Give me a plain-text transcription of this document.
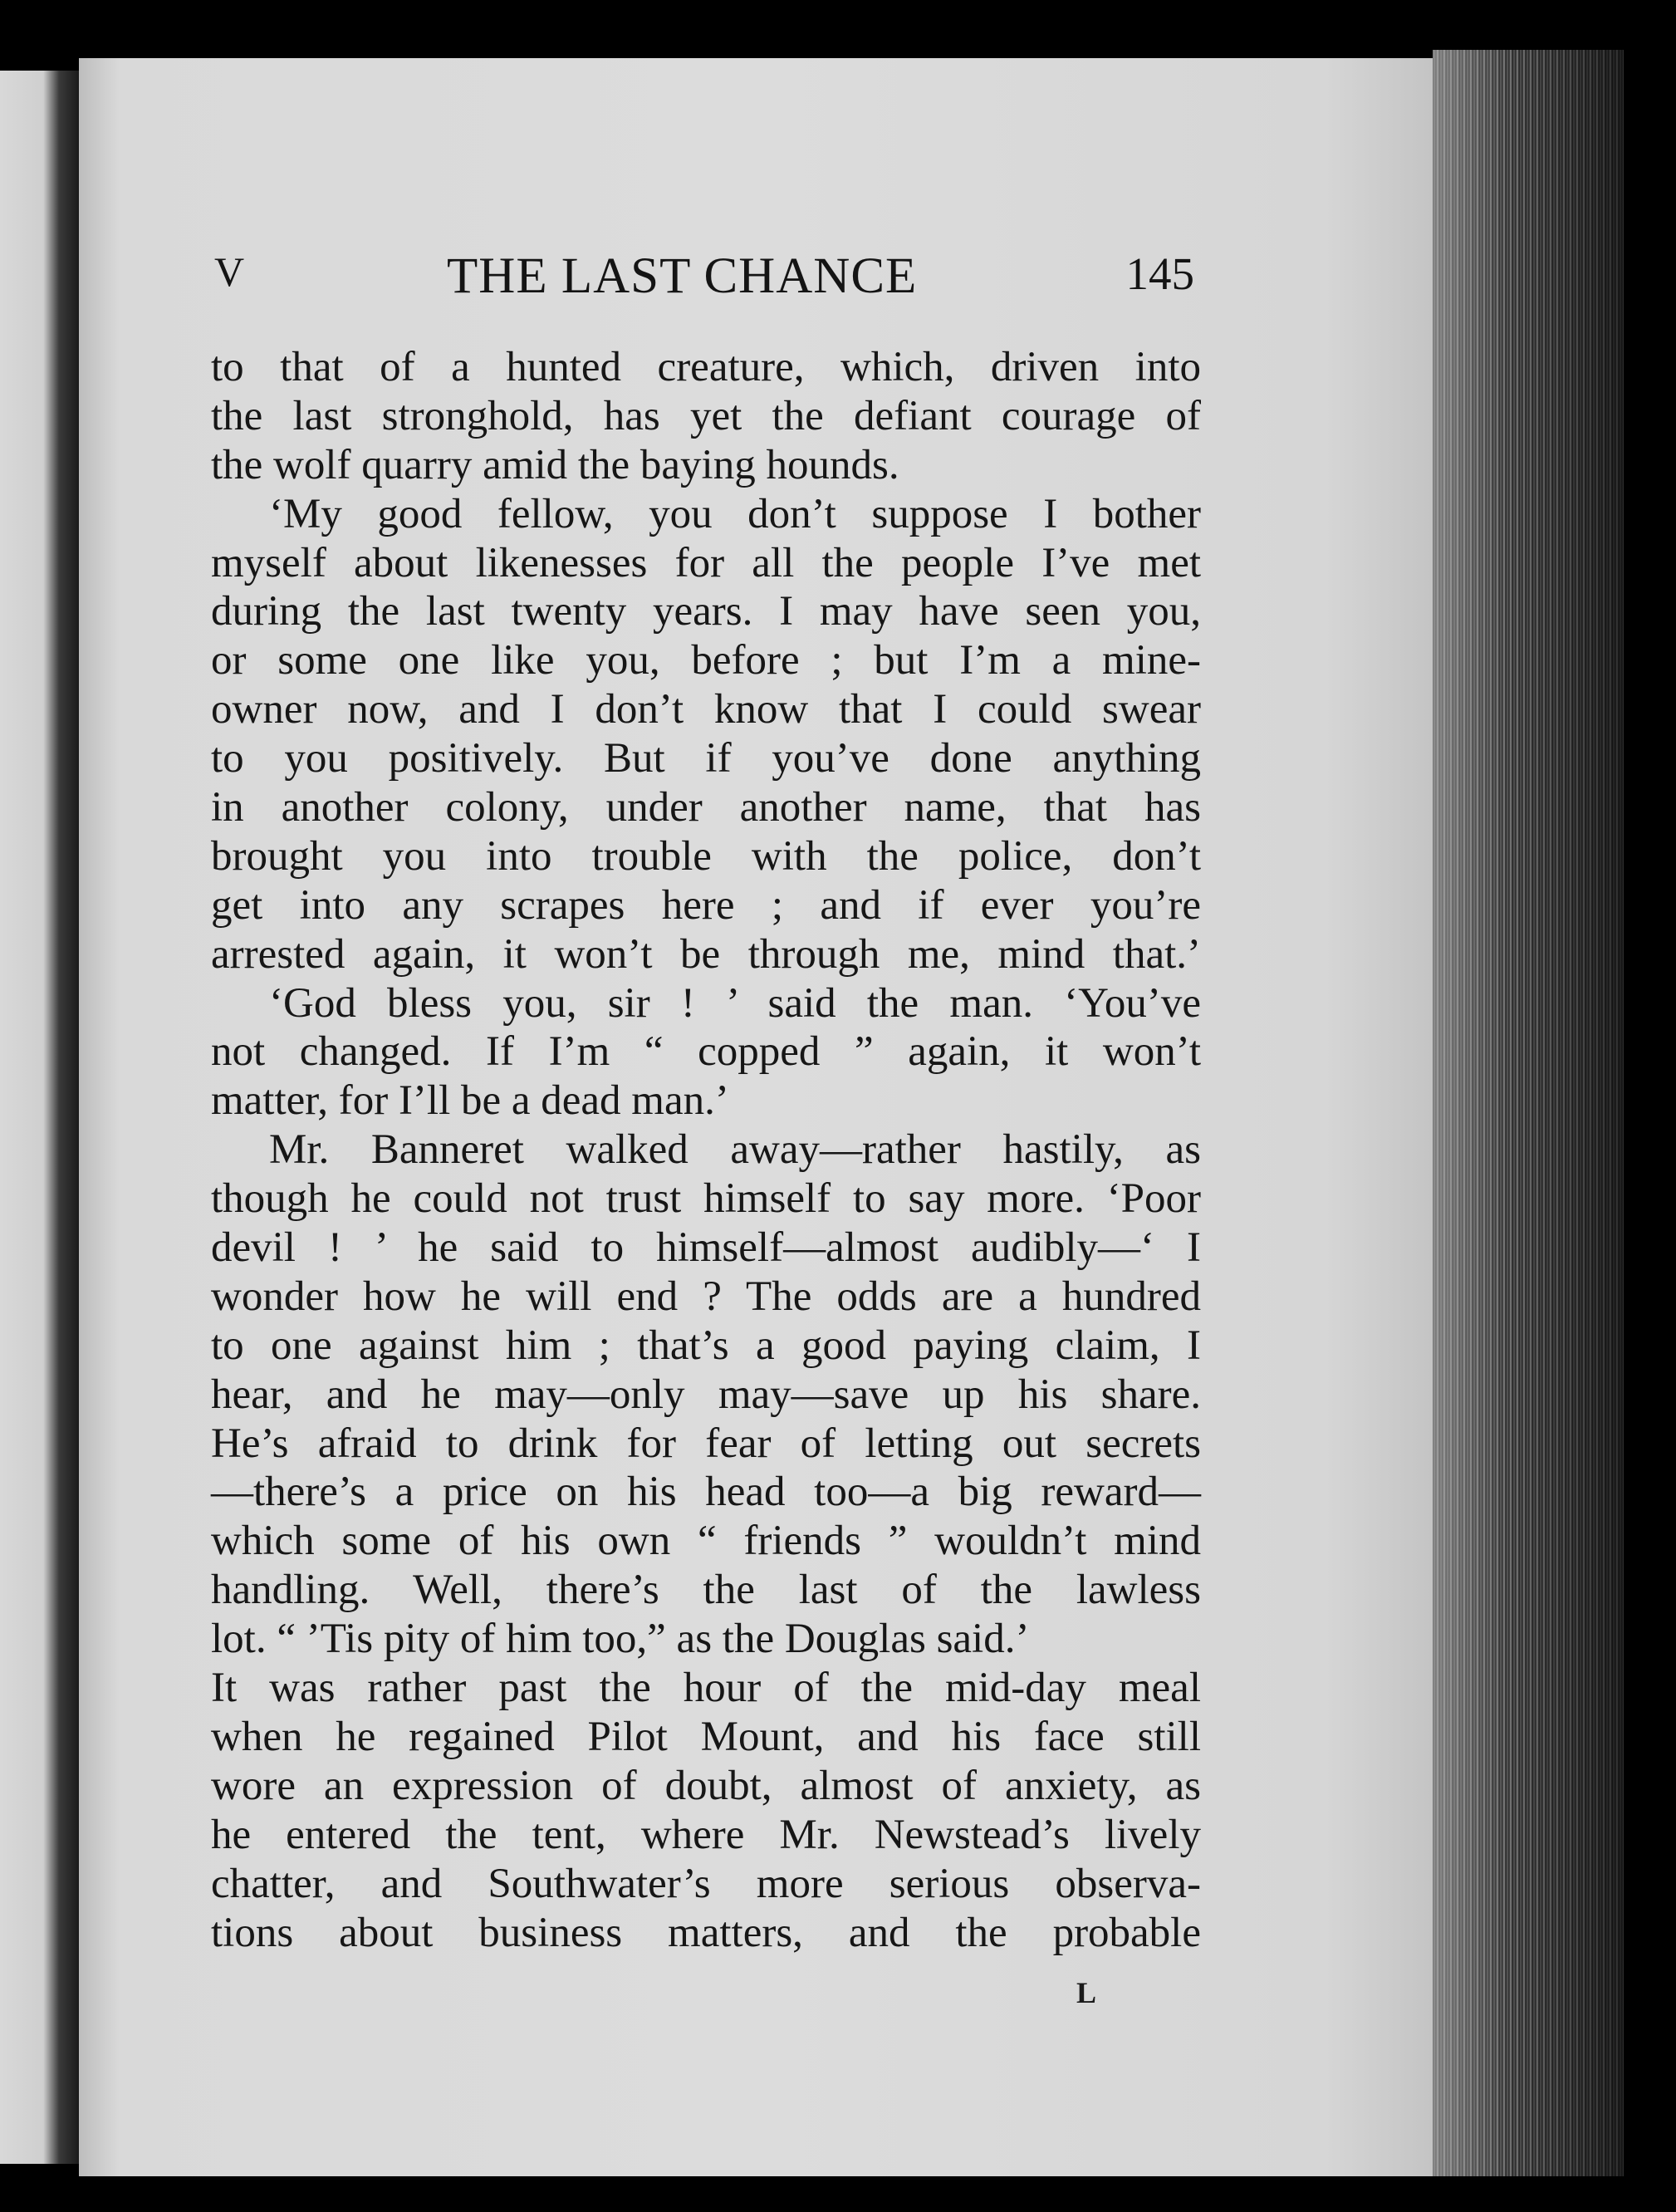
V	THE LAST CHANCE	145
to that of a hunted creature, which, driven into
the last stronghold, has yet the defiant courage of
the wolf quarry amid the baying hounds.
‘My good fellow, you don’t suppose I bother
myself about likenesses for all the people I’ve met
during the last twenty years. I may have seen you,
or some one like you, before ; but I’m a mine-
owner now, and I don’t know that I could swear
to you positively. But if you’ve done anything
in another colony, under another name, that has
brought you into trouble with the police, don’t
get into any scrapes here ; and if ever you’re
arrested again, it won’t be through me, mind that.’
‘God bless you, sir ! ’ said the man. ‘You’ve
not changed. If I’m “ copped ” again, it won’t
matter, for I’ll be a dead man.’
Mr. Banneret walked away—rather hastily, as
though he could not trust himself to say more. ‘Poor
devil ! ’ he said to himself—almost audibly—‘ I
wonder how he will end ? The odds are a hundred
to one against him ; that’s a good paying claim, I
hear, and he may—only may—save up his share.
He’s afraid to drink for fear of letting out secrets
—there’s a price on his head too—a big reward—
which some of his own “ friends ” wouldn’t mind
handling. Well, there’s the last of the lawless
lot. “ ’Tis pity of him too,” as the Douglas said.’
It was rather past the hour of the mid-day meal
when he regained Pilot Mount, and his face still
wore an expression of doubt, almost of anxiety, as
he entered the tent, where Mr. Newstead’s lively
chatter, and Southwater’s more serious observa-
tions about business matters, and the probable
L
